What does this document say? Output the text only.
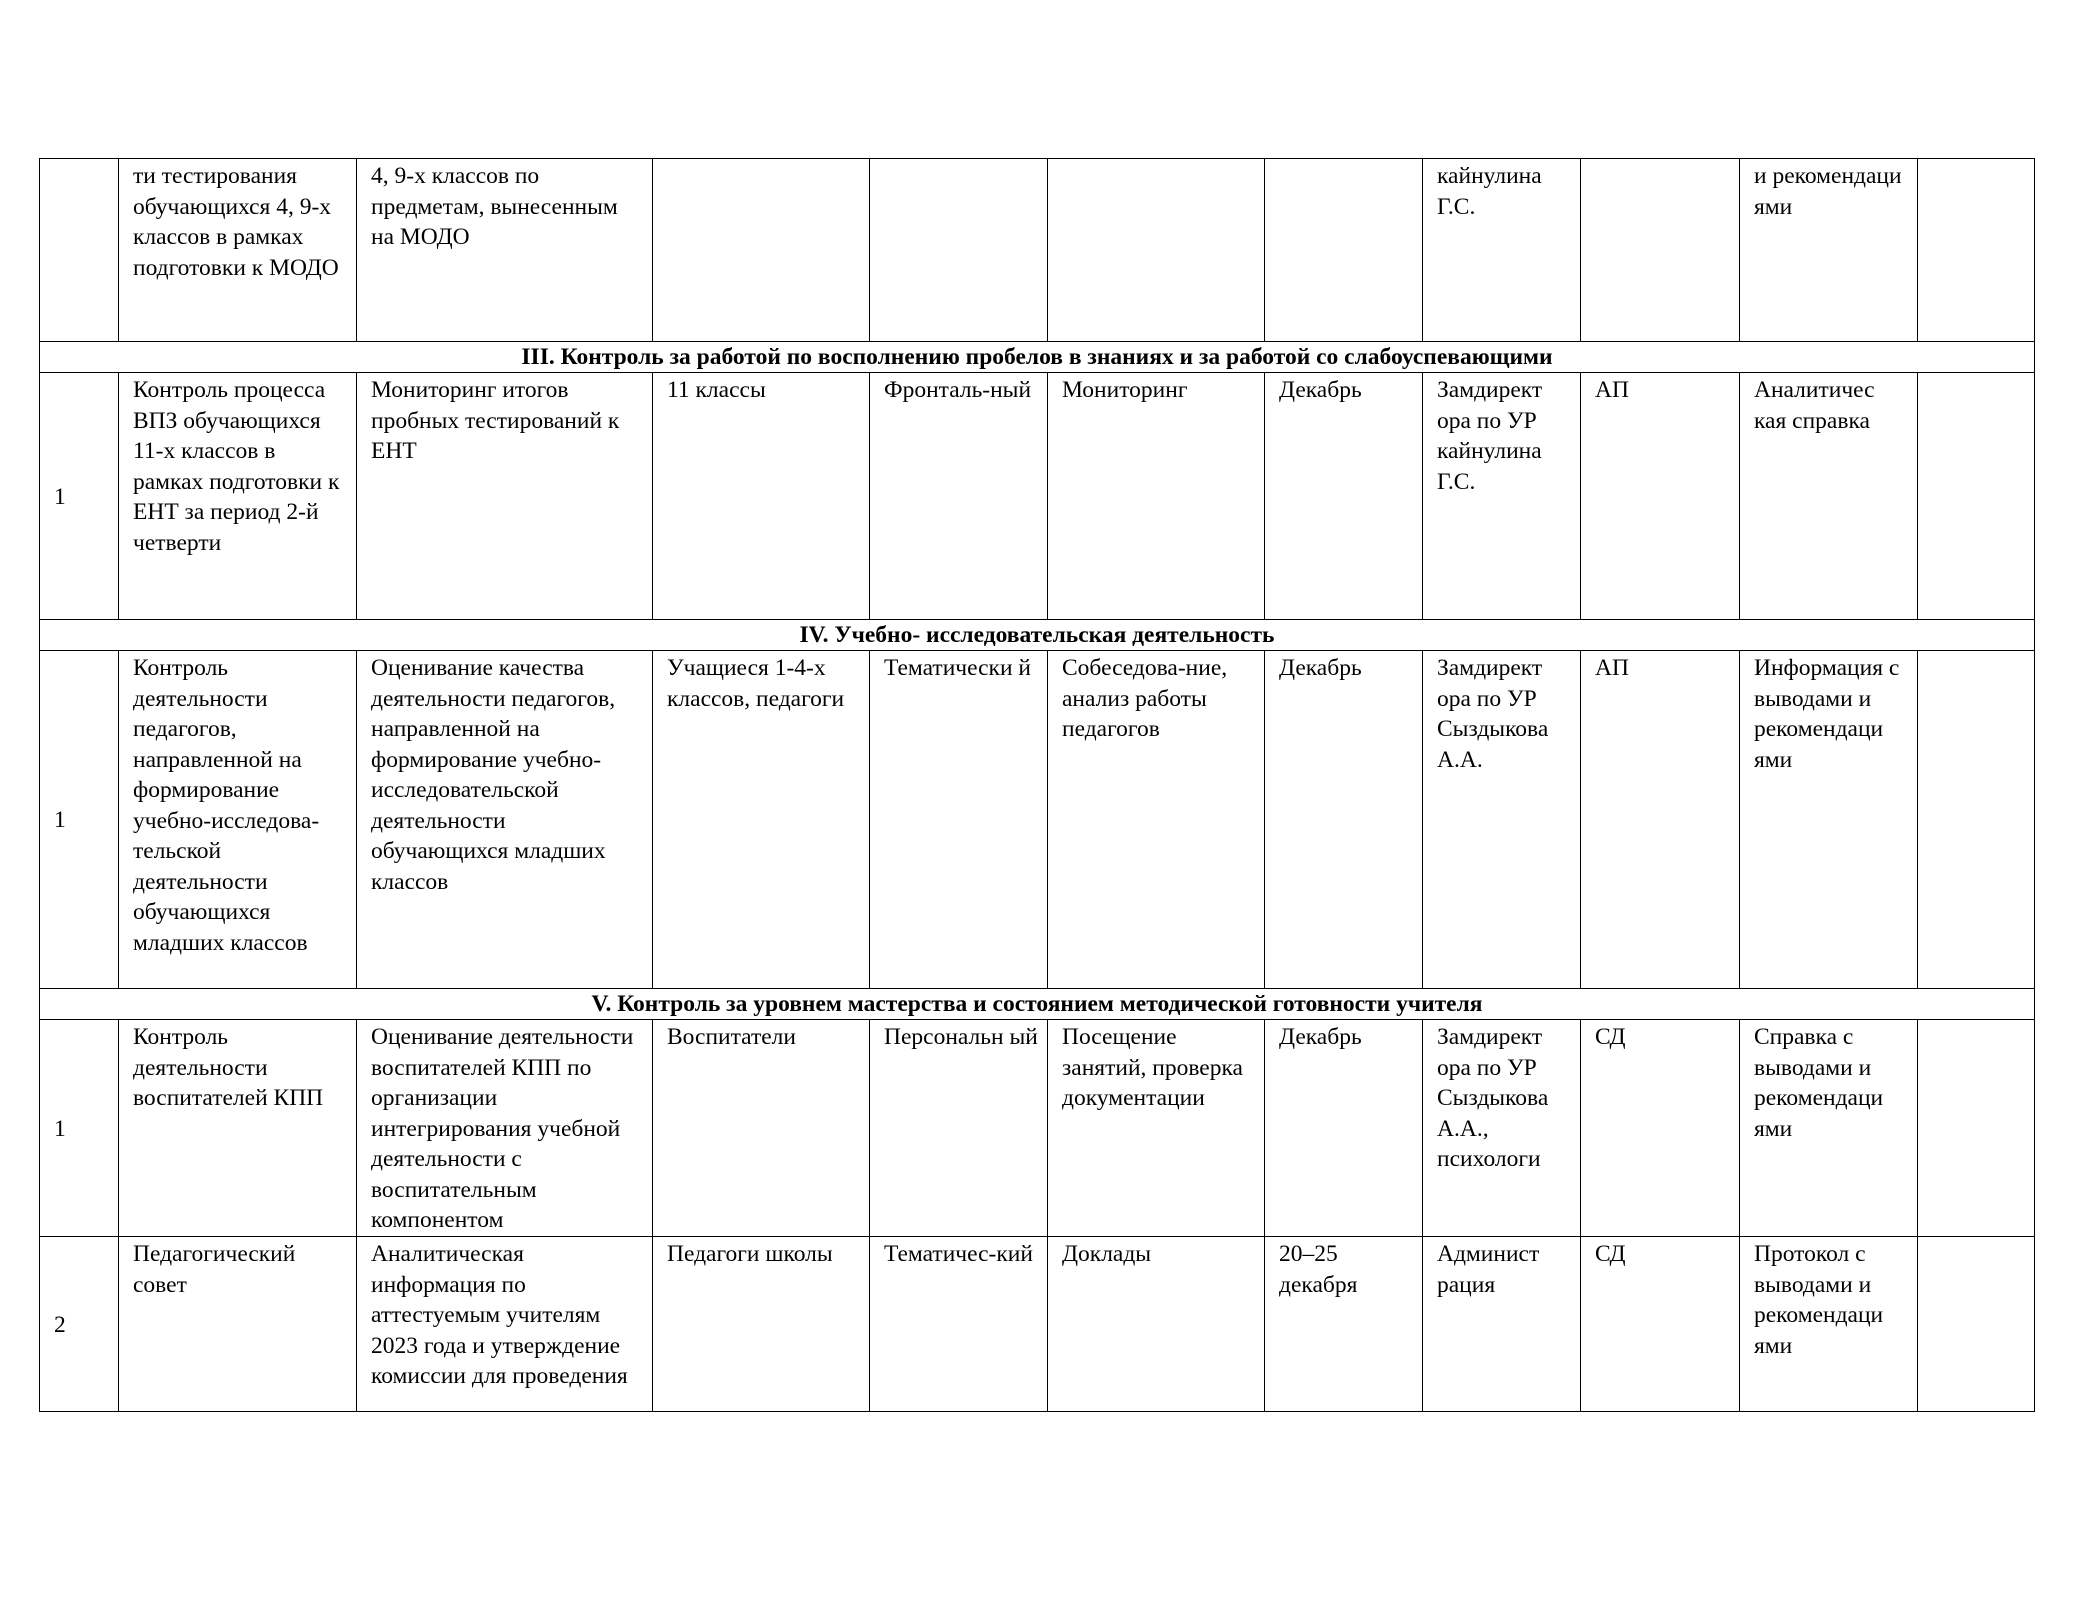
	ти тестирования обучающихся 4, 9-х классов в рамках подготовки к МОДО	4, 9-х классов по предметам, вынесенным на МОДО					кайнулина Г.С.		и рекомендаци ями	
III. Контроль за работой по восполнению пробелов в знаниях и за работой со слабоуспевающими										
1	Контроль процесса ВПЗ обучающихся 11-х классов в рамках подготовки к ЕНТ за период 2-й четверти	Мониторинг итогов пробных тестирований к ЕНТ	11 классы	Фронталь-ный	Мониторинг	Декабрь	Замдирект ора по УР кайнулина Г.С.	АП	Аналитичес кая справка	
IV. Учебно- исследовательская деятельность										
1	Контроль деятельности педагогов, направленной на формирование учебно-исследова-тельской деятельности обучающихся младших классов	Оценивание качества деятельности педагогов, направленной на формирование учебно-исследовательской деятельности обучающихся младших классов	Учащиеся 1-4-х классов, педагоги	Тематически й	Собеседова-ние, анализ работы педагогов	Декабрь	Замдирект ора по УР Сыздыкова А.А.	АП	Информация с выводами и рекомендаци ями	
V. Контроль за уровнем мастерства и состоянием методической готовности учителя										
1	Контроль деятельности воспитателей КПП	Оценивание деятельности воспитателей КПП по организации интегрирования учебной деятельности с воспитательным компонентом	Воспитатели	Персональн ый	Посещение занятий, проверка документации	Декабрь	Замдирект ора по УР Сыздыкова А.А., психологи	СД	Справка с выводами и рекомендаци ями	
2	Педагогический совет	Аналитическая информация по аттестуемым учителям 2023 года и утверждение комиссии для проведения	Педагоги школы	Тематичес-кий	Доклады	20–25 декабря	Админист рация	СД	Протокол с выводами и рекомендаци ями	
